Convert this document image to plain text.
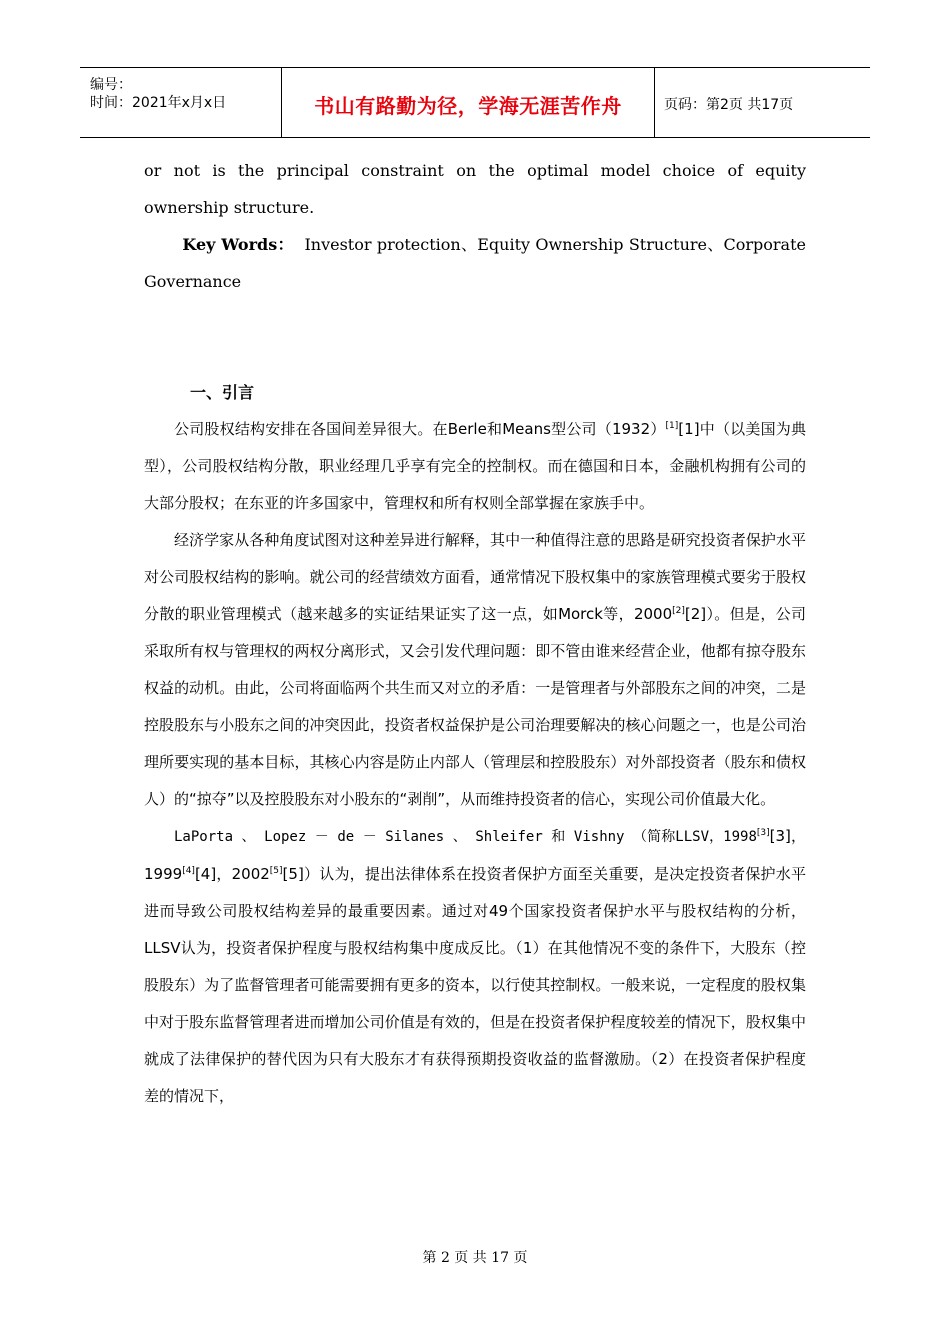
编号：
时间：2021年x月x日	书山有路勤为径，学海无涯苦作舟	页码：第2页 共17页

or not is the principal constraint on the optimal model choice of equity ownership structure.

Key Words： Investor protection、Equity Ownership Structure、Corporate Governance

一、引言

公司股权结构安排在各国间差异很大。在Berle和Means型公司（1932）[1][1]中（以美国为典型），公司股权结构分散，职业经理几乎享有完全的控制权。而在德国和日本，金融机构拥有公司的大部分股权；在东亚的许多国家中，管理权和所有权则全部掌握在家族手中。

经济学家从各种角度试图对这种差异进行解释，其中一种值得注意的思路是研究投资者保护水平对公司股权结构的影响。就公司的经营绩效方面看，通常情况下股权集中的家族管理模式要劣于股权分散的职业管理模式（越来越多的实证结果证实了这一点，如Morck等，2000[2][2]）。但是，公司采取所有权与管理权的两权分离形式，又会引发代理问题：即不管由谁来经营企业，他都有掠夺股东权益的动机。由此，公司将面临两个共生而又对立的矛盾：一是管理者与外部股东之间的冲突，二是控股股东与小股东之间的冲突因此，投资者权益保护是公司治理要解决的核心问题之一，也是公司治理所要实现的基本目标，其核心内容是防止内部人（管理层和控股股东）对外部投资者（股东和债权人）的“掠夺”以及控股股东对小股东的“剥削”，从而维持投资者的信心，实现公司价值最大化。

LaPorta 、 Lopez － de － Silanes 、 Shleifer 和 Vishny （简称LLSV，1998[3][3]，1999[4][4]，2002[5][5]）认为，提出法律体系在投资者保护方面至关重要，是决定投资者保护水平进而导致公司股权结构差异的最重要因素。通过对49个国家投资者保护水平与股权结构的分析，LLSV认为，投资者保护程度与股权结构集中度成反比。（1）在其他情况不变的条件下，大股东（控股股东）为了监督管理者可能需要拥有更多的资本，以行使其控制权。一般来说，一定程度的股权集中对于股东监督管理者进而增加公司价值是有效的，但是在投资者保护程度较差的情况下，股权集中就成了法律保护的替代因为只有大股东才有获得预期投资收益的监督激励。（2）在投资者保护程度差的情况下，

第 2 页 共 17 页
